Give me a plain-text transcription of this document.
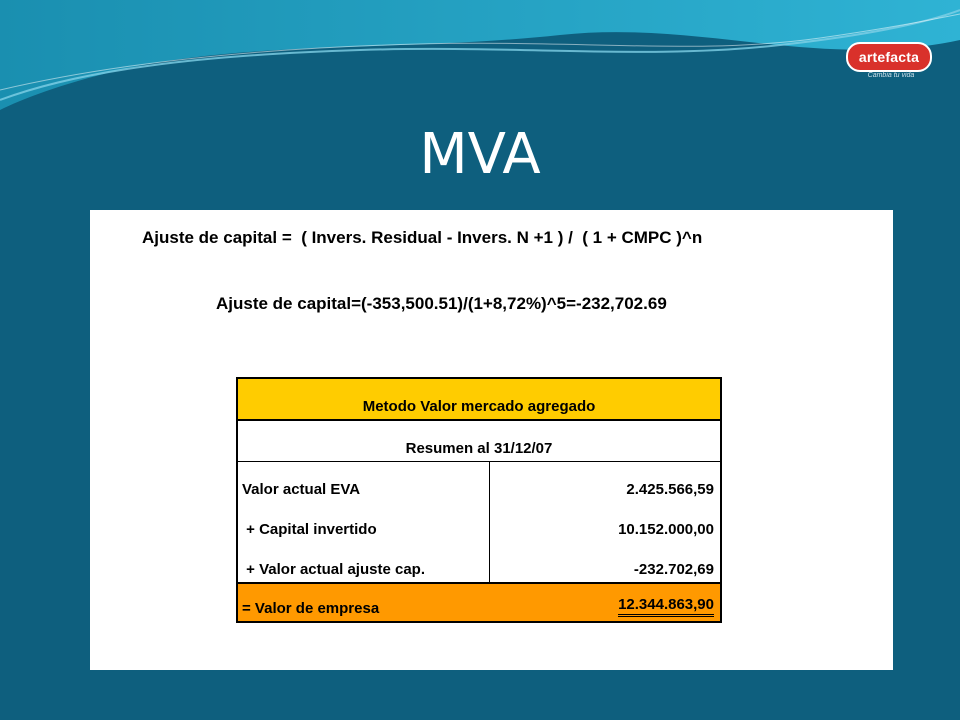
artefacta
Cambia tu vida
MVA
Ajuste de capital =  ( Invers. Residual - Invers. N +1 ) /  ( 1 + CMPC )^n
Ajuste de capital=(-353,500.51)/(1+8,72%)^5=-232,702.69
Metodo Valor mercado agregado
Resumen al 31/12/07
Valor actual EVA	2.425.566,59
+ Capital invertido	10.152.000,00
+ Valor actual ajuste cap.	-232.702,69
= Valor de empresa	12.344.863,90
